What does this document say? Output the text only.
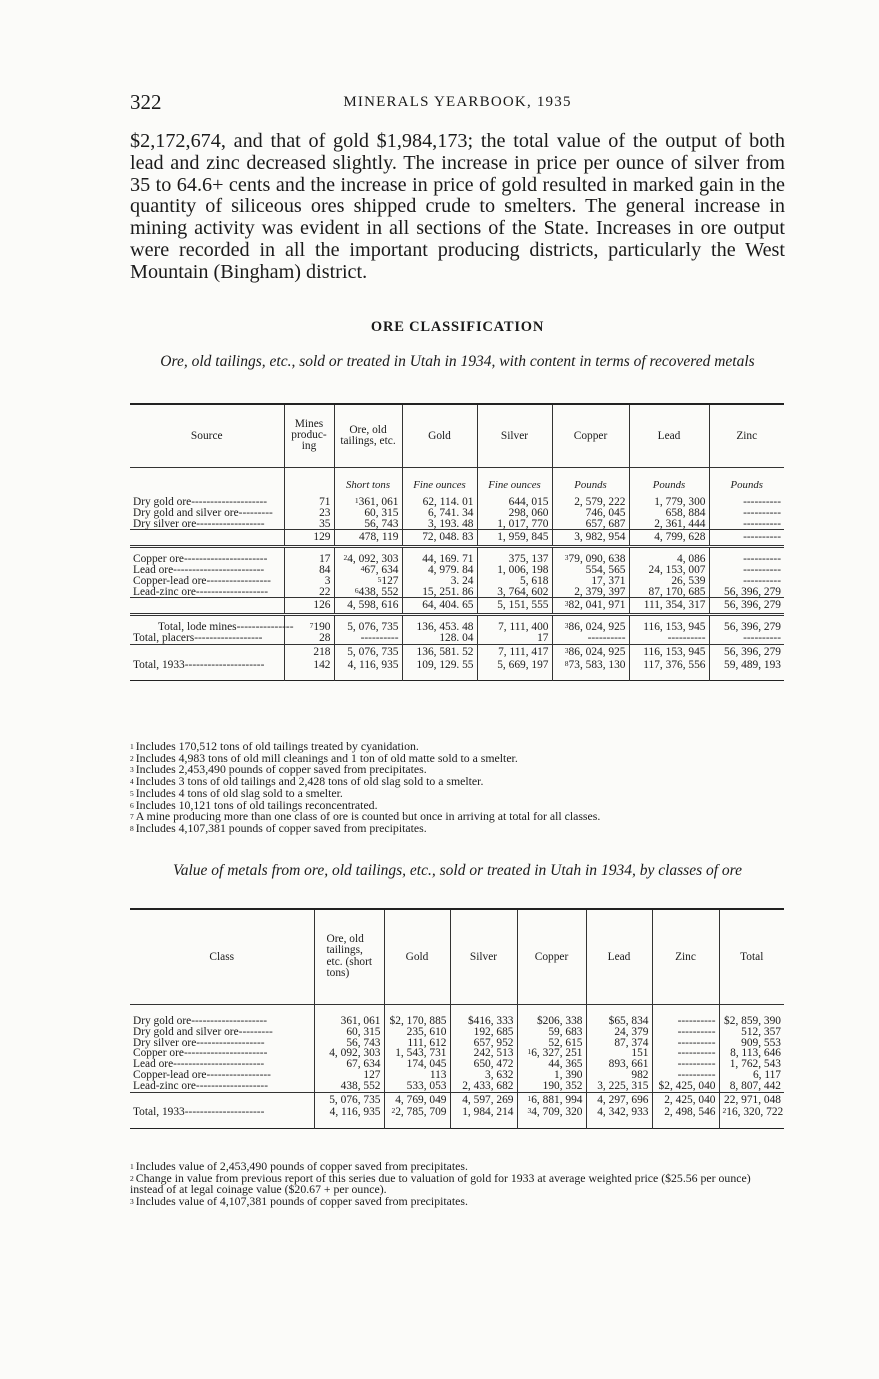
322	MINERALS YEARBOOK, 1935

$2,172,674, and that of gold $1,984,173; the total value of the output of both lead and zinc decreased slightly. The increase in price per ounce of silver from 35 to 64.6+ cents and the increase in price of gold resulted in marked gain in the quantity of siliceous ores shipped crude to smelters. The general increase in mining activity was evident in all sections of the State. Increases in ore output were recorded in all the important producing districts, particularly the West Mountain (Bingham) district.

ORE CLASSIFICATION
Ore, old tailings, etc., sold or treated in Utah in 1934, with content in terms of recovered metals
Source	Mines produc- ing	Ore, old tailings, etc.	Gold	Silver	Copper	Lead	Zinc
		Short tons	Fine ounces	Fine ounces	Pounds	Pounds	Pounds
Dry gold ore--------------------	71	$^1$361, 061	62, 114. 01	644, 015	2, 579, 222	1, 779, 300	----------
Dry gold and silver ore---------	23	60, 315	6, 741. 34	298, 060	746, 045	658, 884	----------
Dry silver ore------------------	35	56, 743	3, 193. 48	1, 017, 770	657, 687	2, 361, 444	----------
	129	478, 119	72, 048. 83	1, 959, 845	3, 982, 954	4, 799, 628	----------
Copper ore----------------------	17	$^2$4, 092, 303	44, 169. 71	375, 137	$^3$79, 090, 638	4, 086	----------
Lead ore------------------------	84	$^4$67, 634	4, 979. 84	1, 006, 198	554, 565	24, 153, 007	----------
Copper-lead ore-----------------	3	$^5$127	3. 24	5, 618	17, 371	26, 539	----------
Lead-zinc ore-------------------	22	$^6$438, 552	15, 251. 86	3, 764, 602	2, 379, 397	87, 170, 685	56, 396, 279
	126	4, 598, 616	64, 404. 65	5, 151, 555	$^3$82, 041, 971	111, 354, 317	56, 396, 279
Total, lode mines---------------	$^7$190	5, 076, 735	136, 453. 48	7, 111, 400	$^3$86, 024, 925	116, 153, 945	56, 396, 279
Total, placers------------------	28	----------	128. 04	17	----------	----------	----------
	218	5, 076, 735	136, 581. 52	7, 111, 417	$^3$86, 024, 925	116, 153, 945	56, 396, 279
Total, 1933---------------------	142	4, 116, 935	109, 129. 55	5, 669, 197	$^8$73, 583, 130	117, 376, 556	59, 489, 193

$^1$ Includes 170,512 tons of old tailings treated by cyanidation.
$^2$ Includes 4,983 tons of old mill cleanings and 1 ton of old matte sold to a smelter.
$^3$ Includes 2,453,490 pounds of copper saved from precipitates.
$^4$ Includes 3 tons of old tailings and 2,428 tons of old slag sold to a smelter.
$^5$ Includes 4 tons of old slag sold to a smelter.
$^6$ Includes 10,121 tons of old tailings reconcentrated.
$^7$ A mine producing more than one class of ore is counted but once in arriving at total for all classes.
$^8$ Includes 4,107,381 pounds of copper saved from precipitates.
Value of metals from ore, old tailings, etc., sold or treated in Utah in 1934, by classes of ore
Class	Ore, old tailings, etc. (short tons)	Gold	Silver	Copper	Lead	Zinc	Total

Dry gold ore--------------------	361, 061	$2, 170, 885	$416, 333	$206, 338	$65, 834	----------	$2, 859, 390
Dry gold and silver ore---------	60, 315	235, 610	192, 685	59, 683	24, 379	----------	512, 357
Dry silver ore------------------	56, 743	111, 612	657, 952	52, 615	87, 374	----------	909, 553
Copper ore----------------------	4, 092, 303	1, 543, 731	242, 513	$^1$6, 327, 251	151	----------	8, 113, 646
Lead ore------------------------	67, 634	174, 045	650, 472	44, 365	893, 661	----------	1, 762, 543
Copper-lead ore-----------------	127	113	3, 632	1, 390	982	----------	6, 117
Lead-zinc ore-------------------	438, 552	533, 053	2, 433, 682	190, 352	3, 225, 315	$2, 425, 040	8, 807, 442
	5, 076, 735	4, 769, 049	4, 597, 269	$^1$6, 881, 994	4, 297, 696	2, 425, 040	22, 971, 048
Total, 1933---------------------	4, 116, 935	$^2$2, 785, 709	1, 984, 214	$^3$4, 709, 320	4, 342, 933	2, 498, 546	$^2$16, 320, 722

$^1$ Includes value of 2,453,490 pounds of copper saved from precipitates.
$^2$ Change in value from previous report of this series due to valuation of gold for 1933 at average weighted price ($25.56 per ounce) instead of at legal coinage value ($20.67 + per ounce).
$^3$ Includes value of 4,107,381 pounds of copper saved from precipitates.
